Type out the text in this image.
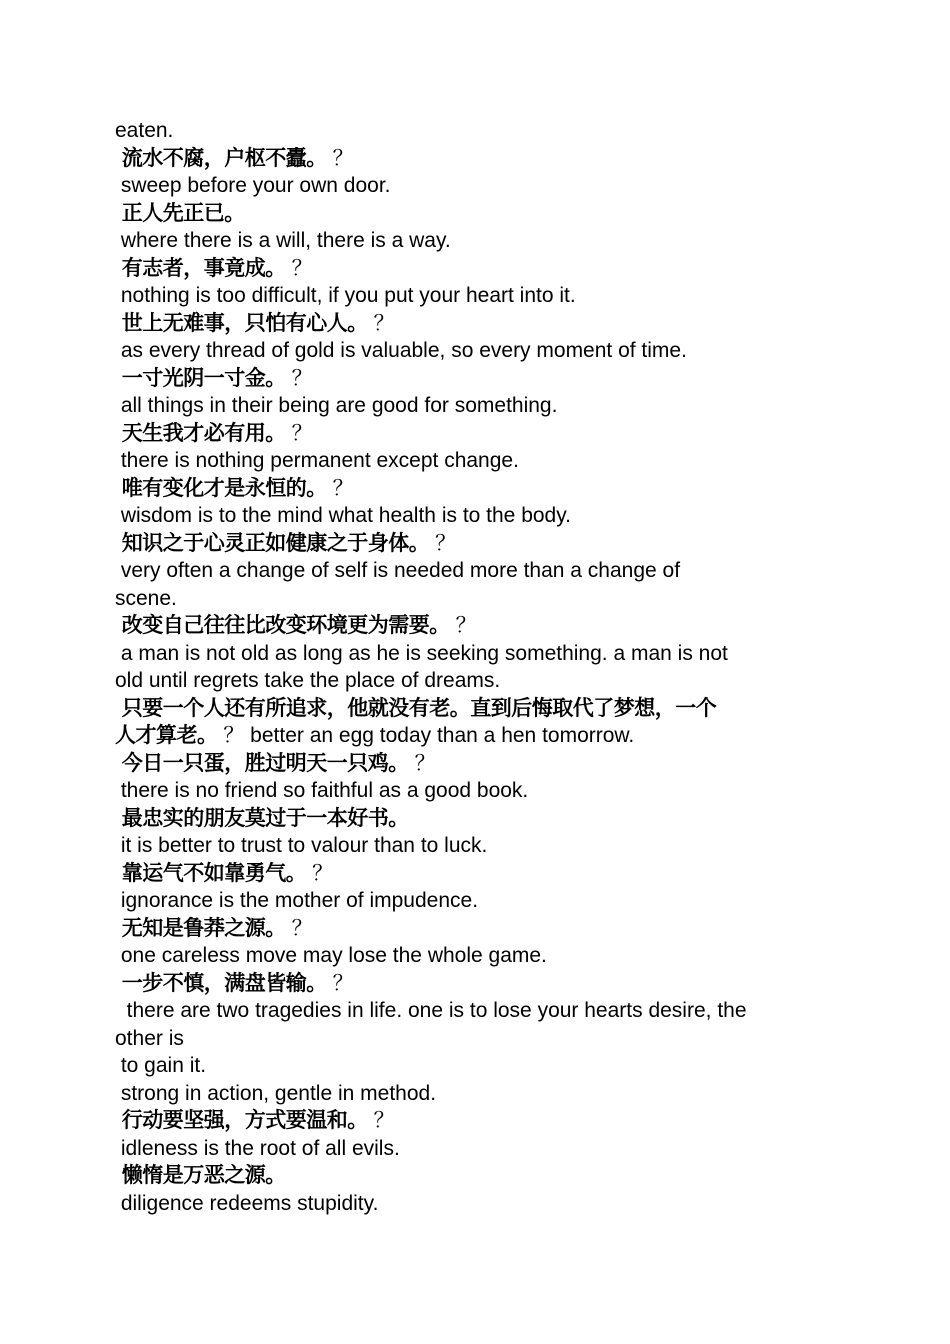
eaten.
流水不腐，户枢不蠹。 ？
sweep before your own door.
正人先正已。
where there is a will, there is a way.
有志者，事竟成。 ？
nothing is too difficult, if you put your heart into it.
世上无难事，只怕有心人。 ？
as every thread of gold is valuable, so every moment of time.
一寸光阴一寸金。 ？
all things in their being are good for something.
天生我才必有用。 ？
there is nothing permanent except change.
唯有变化才是永恒的。 ？
wisdom is to the mind what health is to the body.
知识之于心灵正如健康之于身体。 ？
very often a change of self is needed more than a change of
scene.
改变自己往往比改变环境更为需要。 ？
a man is not old as long as he is seeking something. a man is not
old until regrets take the place of dreams.
只要一个人还有所追求，他就没有老。直到后悔取代了梦想，一个
人才算老。 ？ better an egg today than a hen tomorrow.
今日一只蛋，胜过明天一只鸡。 ？
there is no friend so faithful as a good book.
最忠实的朋友莫过于一本好书。
it is better to trust to valour than to luck.
靠运气不如靠勇气。 ？
ignorance is the mother of impudence.
无知是鲁莽之源。 ？
one careless move may lose the whole game.
一步不慎，满盘皆输。 ？
there are two tragedies in life. one is to lose your hearts desire, the
other is
to gain it.
strong in action, gentle in method.
行动要坚强，方式要温和。 ？
idleness is the root of all evils.
懒惰是万恶之源。
diligence redeems stupidity.
